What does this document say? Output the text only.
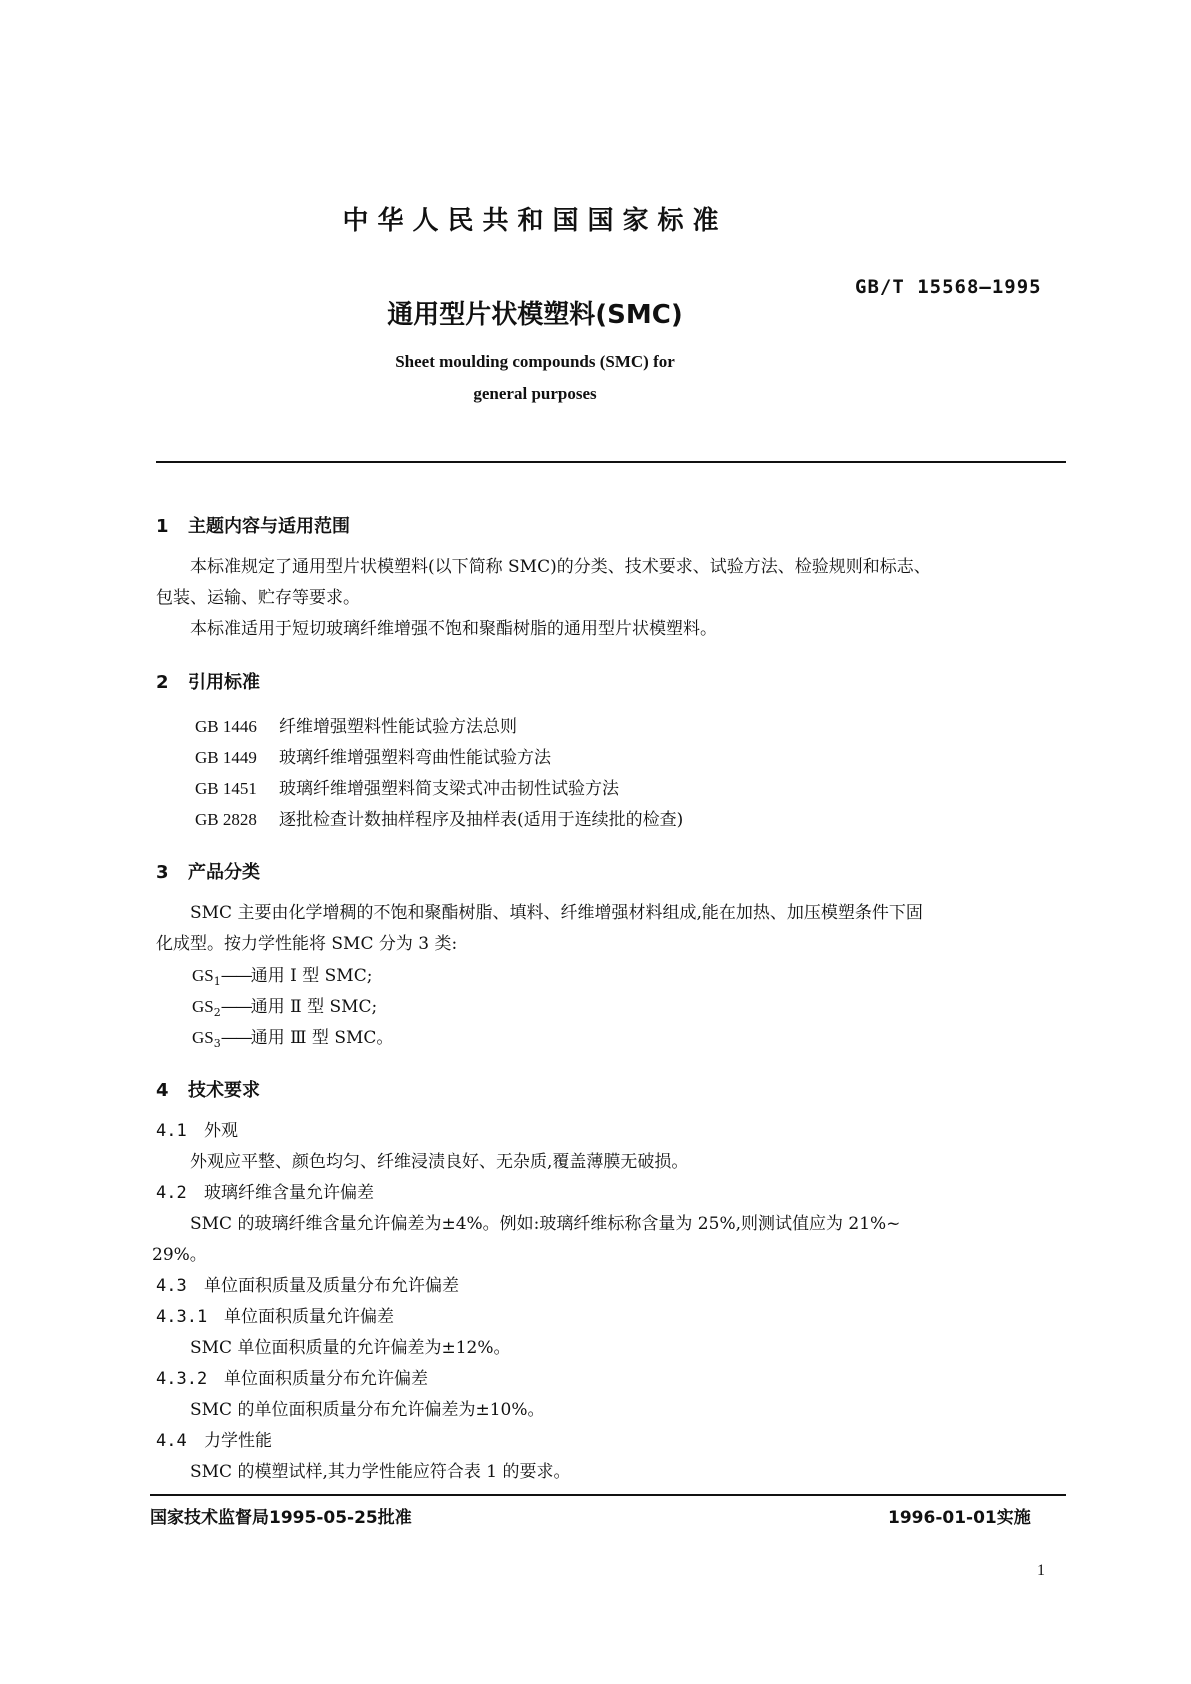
中华人民共和国国家标准
GB/T 15568—1995
通用型片状模塑料(SMC)
Sheet moulding compounds (SMC) for
general purposes
1 主题内容与适用范围
本标准规定了通用型片状模塑料(以下简称 SMC)的分类、技术要求、试验方法、检验规则和标志、
包装、运输、贮存等要求。
本标准适用于短切玻璃纤维增强不饱和聚酯树脂的通用型片状模塑料。
2 引用标准
GB 1446 纤维增强塑料性能试验方法总则
GB 1449 玻璃纤维增强塑料弯曲性能试验方法
GB 1451 玻璃纤维增强塑料简支梁式冲击韧性试验方法
GB 2828 逐批检查计数抽样程序及抽样表(适用于连续批的检查)
3 产品分类
SMC 主要由化学增稠的不饱和聚酯树脂、填料、纤维增强材料组成,能在加热、加压模塑条件下固
化成型。按力学性能将 SMC 分为 3 类:
$GS_1——$通用 I 型 SMC;
$GS_2——$通用 Ⅱ 型 SMC;
$GS_3——$通用 Ⅲ 型 SMC。
4 技术要求
4.1 外观
外观应平整、颜色均匀、纤维浸渍良好、无杂质,覆盖薄膜无破损。
4.2 玻璃纤维含量允许偏差
SMC 的玻璃纤维含量允许偏差为±4%。例如:玻璃纤维标称含量为 25%,则测试值应为 21%~
29%。
4.3 单位面积质量及质量分布允许偏差
4.3.1 单位面积质量允许偏差
SMC 单位面积质量的允许偏差为±12%。
4.3.2 单位面积质量分布允许偏差
SMC 的单位面积质量分布允许偏差为±10%。
4.4 力学性能
SMC 的模塑试样,其力学性能应符合表 1 的要求。
国家技术监督局1995-05-25批准	1996-01-01实施
1
